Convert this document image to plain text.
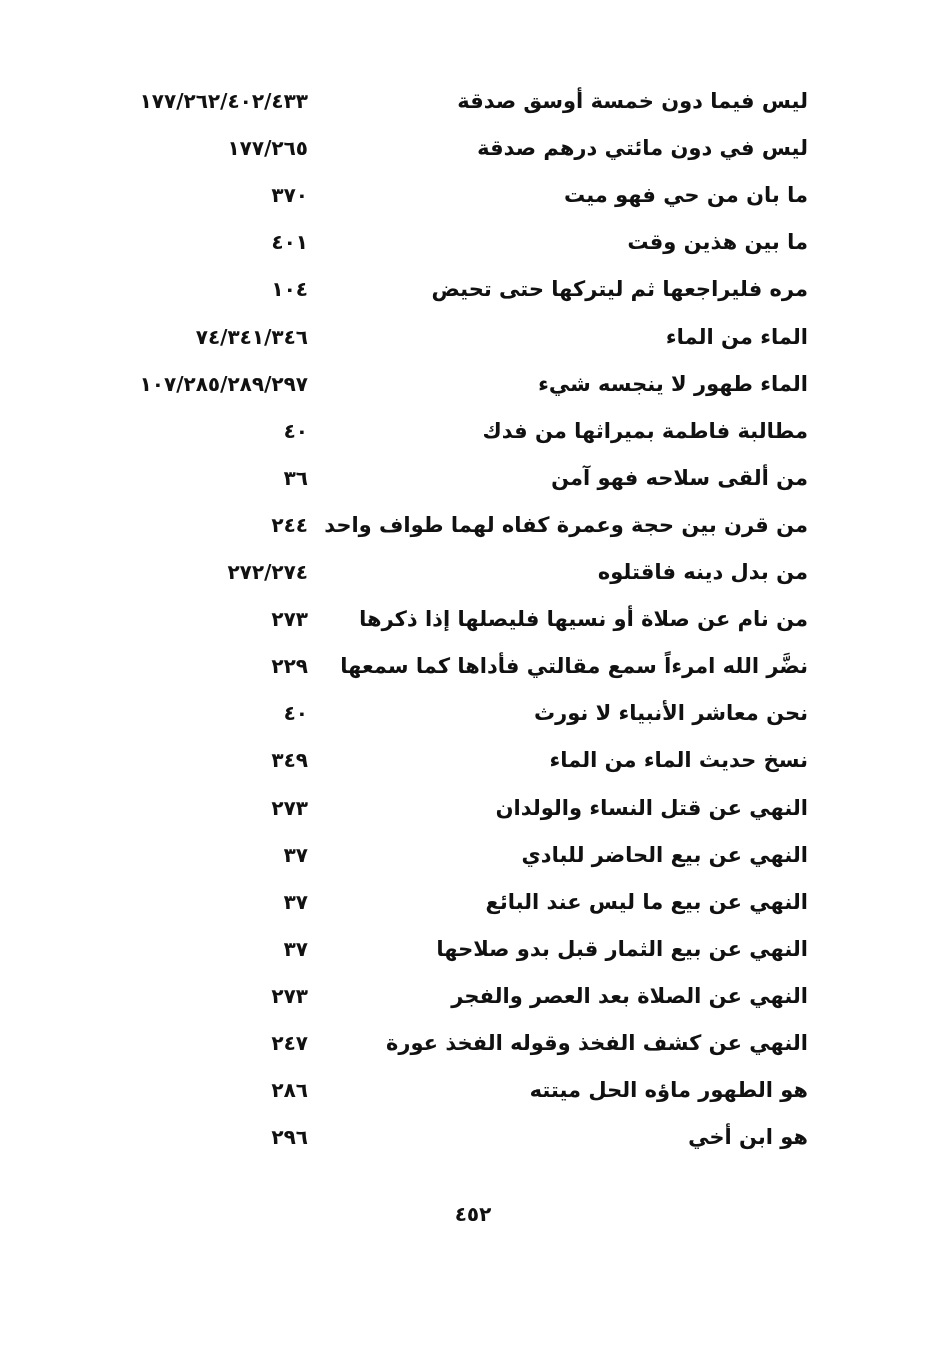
ليس فيما دون خمسة أوسق صدقة
١٧٧/٢٦٢/٤٠٢/٤٣٣
ليس في دون مائتي درهم صدقة
١٧٧/٢٦٥
ما بان من حي فهو ميت
٣٧٠
ما بين هذين وقت
٤٠١
مره فليراجعها ثم ليتركها حتى تحيض
١٠٤
الماء من الماء
٧٤/٣٤١/٣٤٦
الماء طهور لا ينجسه شيء
١٠٧/٢٨٥/٢٨٩/٢٩٧
مطالبة فاطمة بميراثها من فدك
٤٠
من ألقى سلاحه فهو آمن
٣٦
من قرن بين حجة وعمرة كفاه لهما طواف واحد
٢٤٤
من بدل دينه فاقتلوه
٢٧٢/٢٧٤
من نام عن صلاة أو نسيها فليصلها إذا ذكرها
٢٧٣
نضَّر الله امرءاً سمع مقالتي فأداها كما سمعها
٢٢٩
نحن معاشر الأنبياء لا نورث
٤٠
نسخ حديث الماء من الماء
٣٤٩
النهي عن قتل النساء والولدان
٢٧٣
النهي عن بيع الحاضر للبادي
٣٧
النهي عن بيع ما ليس عند البائع
٣٧
النهي عن بيع الثمار قبل بدو صلاحها
٣٧
النهي عن الصلاة بعد العصر والفجر
٢٧٣
النهي عن كشف الفخذ وقوله الفخذ عورة
٢٤٧
هو الطهور ماؤه الحل ميتته
٢٨٦
هو ابن أخي
٢٩٦
٤٥٢
